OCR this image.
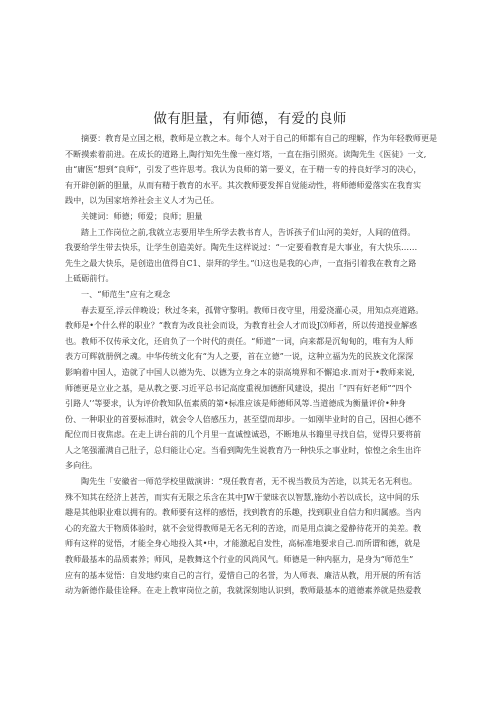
做有胆量，有师德，有爱的良师
摘要：教育是立国之根，教师是立教之本。每个人对于自己的师都有自己的理解，作为年轻教师更是
不断摸索着前进。在成长的道路上,陶行知先生像一座灯塔，一直在指引照亮。读陶先生《医徒》一文,
由“庸医”想到“良师”，引发了些许思考。我认为良师的第一要义，在于精一专的持良好学习的决心，
有开辟创新的胆量，从而有精于教育的水平。其次教师要发挥自觉能动性，将师德师爱落实在我育实
践中，以为国家培养社会主义人才为己任。
关键词：师德；师爱；良师；胆量
踏上工作岗位之前,我就立志要用毕生所学去教书育人，告诉孩子们山河的美好，人间的值得。
我要给学生带去快乐，让学生创造美好。陶先生这样说过：“一定要看教育是大事业，有大快乐……
先生之最大快乐，是创造出值得自C1、崇拜的学生。”⑴这也是我的心声，一直指引着我在教育之路
上砥砺前行。
一、“师范生”应有之观念
春去夏至,浮云伴晚设；秋过冬来，孤臂守黎明。教师日夜守里，用爱浇灌心灵，用知点亮道路。
教师是•个什么样的职业？“教育为改良社会而设，为教育社会人才而设J⑶师者，所以传道授业解惑
也。教师不仅传承文化，还肩负了一个时代的责任。“师道”一词，向来都是沉甸甸的，唯有为人师
表方可辉就册例之魂。中华传统文化有“为人之要，首在立德”一说，这种立福为先的民族文化深深
影响着中国人，造就了中国人以德为先、以德为立身之本的崇高境界和不懈追求.而对于•教师来说,
师德更是立业之基，是从教之要.习近平总书记高度重视加德酐风建设，提出「“四有好老师”“四个
引路人’’等要求，认为评价教知队伍素质的第•标准应该是师德师风等.当道德成为衡量评价•种身
份、一种职业的首要标准时，就会令人倍感压力，甚至望而却步。一如刚毕业时的自己，因担心德不
配位而日夜焦虑。在走上讲台前的几个月里一直诚惶诚恐，不断地从书籍里寻找自信，觉得只要将前
人之笔强灌满自己肚子，总归能让心定。当看到陶先生说教育乃一种快乐之事业时，惊惶之余生出许
多向往。
陶先生「安徽省一师范学校里做演讲：“现任教育者，无不视当教员为苦途，以其无名无利也。
殊不知其在经济上甚苦，而实有无限之乐含在其中JW于蒙昧衣以智慧,施幼小若以成长，这中间的乐
趣是其他职业难以拥有的。教师要有这样的感悟，找到教育的乐趣，找到职业自信力和归属感。当内
心的充盈大于物质体验时，就不会觉得教师是无名无利的苦途，而是用点滴之爱静待花开的美差。教
师有这样的觉悟，才能全身心地投入其•中，才能激起自发性，高标准地要求自己.而所谓和德，就是
教师最基本的品质素养；师风，是教舞这个行业的风尚风气。师德是一种内驱力，是身为“师范生”
应有的基本觉悟：自发地约束自己的言行，爱惜自己的名誉，为人师表、廉洁从教，用开展的所有活
动为新德作最佳诠释。在走上教审岗位之前，我就深刻地认识到，教师最基本的道德素养就是热爱教
